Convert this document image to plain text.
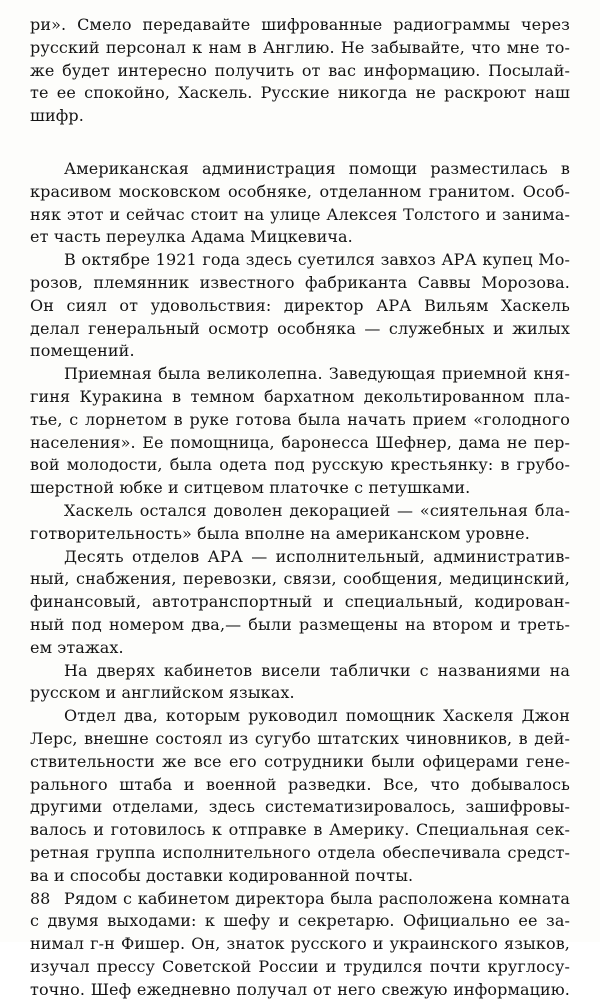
ри». Смело передавайте шифрованные радиограммы через
русский персонал к нам в Англию. Не забывайте, что мне то-
же будет интересно получить от вас информацию. Посылай-
те ее спокойно, Хаскель. Русские никогда не раскроют наш
шифр.
Американская администрация помощи разместилась в
красивом московском особняке, отделанном гранитом. Особ-
няк этот и сейчас стоит на улице Алексея Толстого и занима-
ет часть переулка Адама Мицкевича.
В октябре 1921 года здесь суетился завхоз АРА купец Мо-
розов, племянник известного фабриканта Саввы Морозова.
Он сиял от удовольствия: директор АРА Вильям Хаскель
делал генеральный осмотр особняка — служебных и жилых
помещений.
Приемная была великолепна. Заведующая приемной кня-
гиня Куракина в темном бархатном декольтированном пла-
тье, с лорнетом в руке готова была начать прием «голодного
населения». Ее помощница, баронесса Шефнер, дама не пер-
вой молодости, была одета под русскую крестьянку: в грубо-
шерстной юбке и ситцевом платочке с петушками.
Хаскель остался доволен декорацией — «сиятельная бла-
готворительность» была вполне на американском уровне.
Десять отделов АРА — исполнительный, административ-
ный, снабжения, перевозки, связи, сообщения, медицинский,
финансовый, автотранспортный и специальный, кодирован-
ный под номером два,— были размещены на втором и треть-
ем этажах.
На дверях кабинетов висели таблички с названиями на
русском и английском языках.
Отдел два, которым руководил помощник Хаскеля Джон
Лерс, внешне состоял из сугубо штатских чиновников, в дей-
ствительности же все его сотрудники были офицерами гене-
рального штаба и военной разведки. Все, что добывалось
другими отделами, здесь систематизировалось, зашифровы-
валось и готовилось к отправке в Америку. Специальная сек-
ретная группа исполнительного отдела обеспечивала средст-
ва и способы доставки кодированной почты.
Рядом с кабинетом директора была расположена комната
с двумя выходами: к шефу и секретарю. Официально ее за-
нимал г-н Фишер. Он, знаток русского и украинского языков,
изучал прессу Советской России и трудился почти круглосу-
точно. Шеф ежедневно получал от него свежую информацию.
88
